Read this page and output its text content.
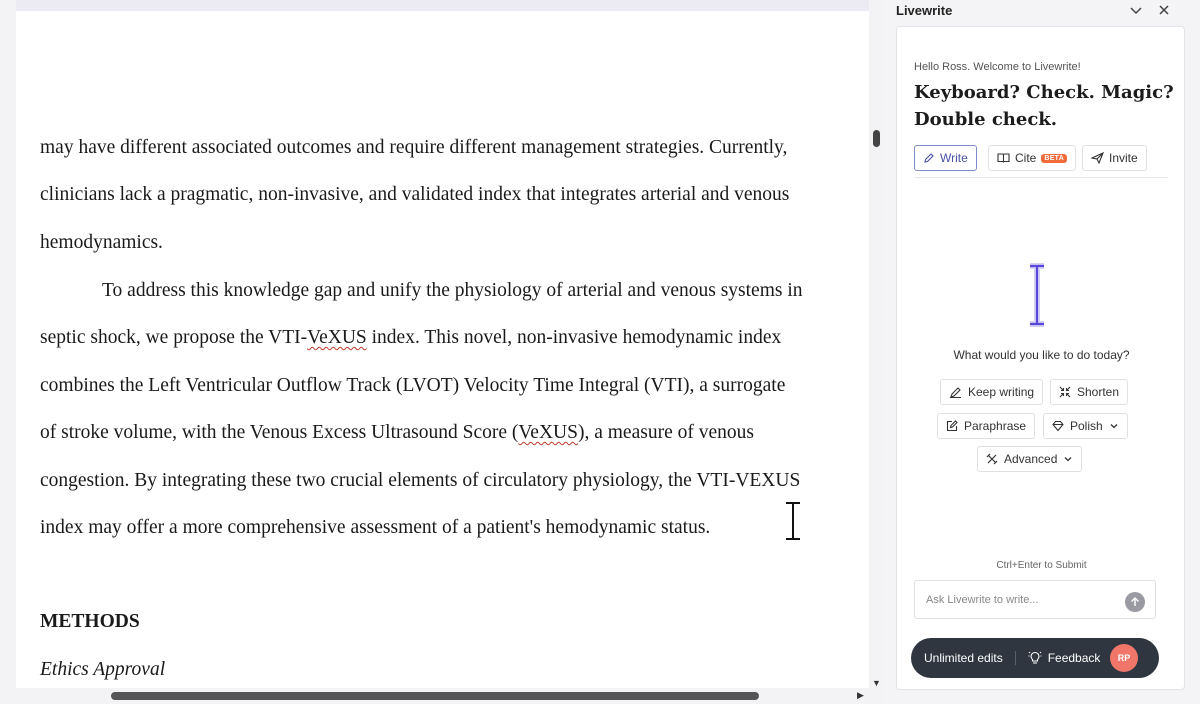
may have different associated outcomes and require different management strategies. Currently,
clinicians lack a pragmatic, non-invasive, and validated index that integrates arterial and venous
hemodynamics.
To address this knowledge gap and unify the physiology of arterial and venous systems in
septic shock, we propose the VTI-VeXUS index. This novel, non-invasive hemodynamic index
combines the Left Ventricular Outflow Track (LVOT) Velocity Time Integral (VTI), a surrogate
of stroke volume, with the Venous Excess Ultrasound Score (VeXUS), a measure of venous
congestion. By integrating these two crucial elements of circulatory physiology, the VTI-VEXUS
index may offer a more comprehensive assessment of a patient's hemodynamic status.
METHODS
Ethics Approval
▼
▶
Livewrite
Hello Ross. Welcome to Livewrite!
Keyboard? Check. Magic? Double check.
Write	Cite	BETA	Invite
What would you like to do today?
Keep writing	Shorten
Paraphrase	Polish
Advanced
Ctrl+Enter to Submit
Ask Livewrite to write...
Unlimited edits	Feedback	RP
